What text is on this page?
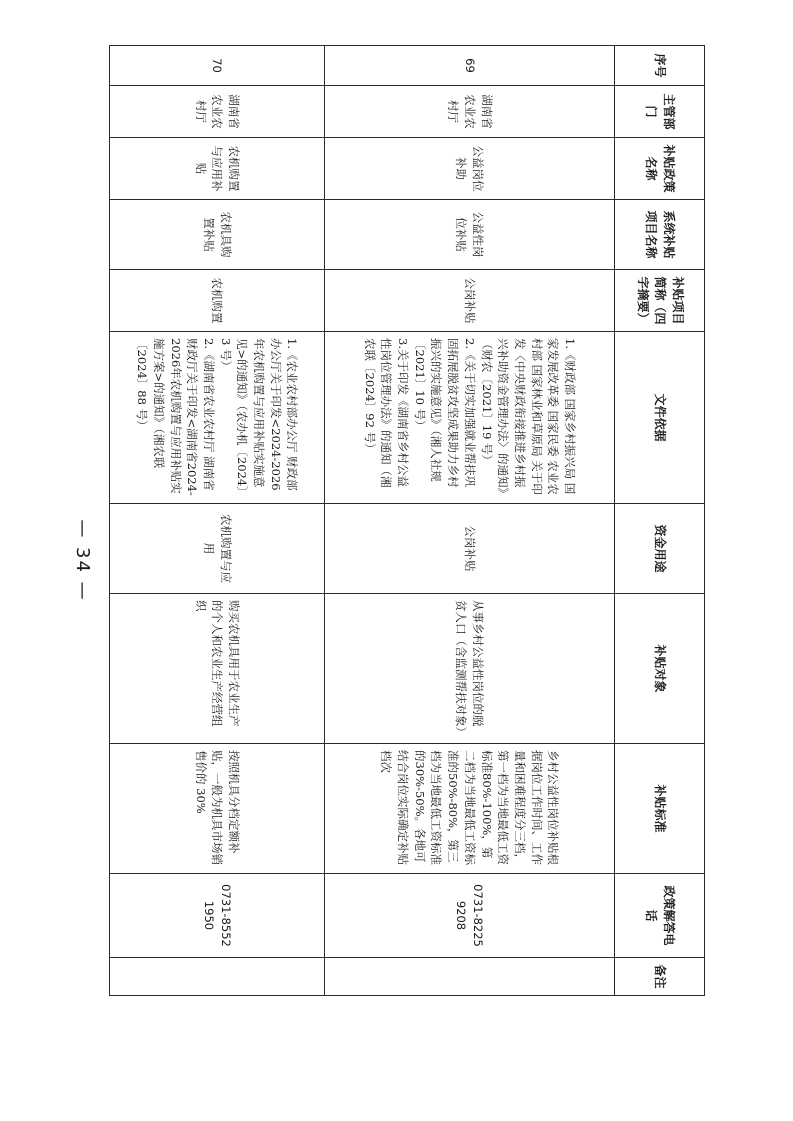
序号	主管部门	补贴政策名称	系统补贴项目名称	补贴项目简称（四字摘要）	文件依据	资金用途	补贴对象	补贴标准	政策解答电话	备注
69	湖南省农业农村厅	公益岗位补助	公益性岗位补贴	公岗补贴	1.《财政部 国家乡村振兴局 国家发展改革委 国家民委 农业农村部 国家林业和草原局 关于印发〈中央财政衔接推进乡村振兴补助资金管理办法〉的通知》（财农〔2021〕19 号）
2.《关于切实加强就业帮扶巩固拓展脱贫攻坚成果助力乡村振兴的实施意见》（湘人社规〔2021〕10 号）
3.关于印发《湖南省乡村公益性岗位管理办法》的通知（湘农联〔2024〕92 号）	公岗补贴	从事乡村公益性岗位的脱贫人口（含监测帮扶对象）	乡村公益性岗位补贴根据岗位工作时间、工作量和困难程度分三档，第一档为当地最低工资标准80%-100%，第二档为当地最低工资标准的50%-80%，第三档为当地最低工资标准的30%-50%。各地可结合岗位实际确定补贴档次	0731-8225 9208	
70	湖南省农业农村厅	农机购置与应用补贴	农机具购置补贴	农机购置	1.《农业农村部办公厅 财政部办公厅关于印发<2024-2026年农机购置与应用补贴实施意见>的通知》（农办机〔2024〕3 号）
2.《湖南省农业农村厅 湖南省财政厅关于印发<湖南省2024-2026年农机购置与应用补贴实施方案>的通知》（湘农联〔2024〕88 号）	农机购置与应用	购买农机具用于农业生产的个人和农业生产经营组织	按照机具分档定额补贴，一般为机具市场销售价的 30%	0731-8552 1950	
— 34 —
